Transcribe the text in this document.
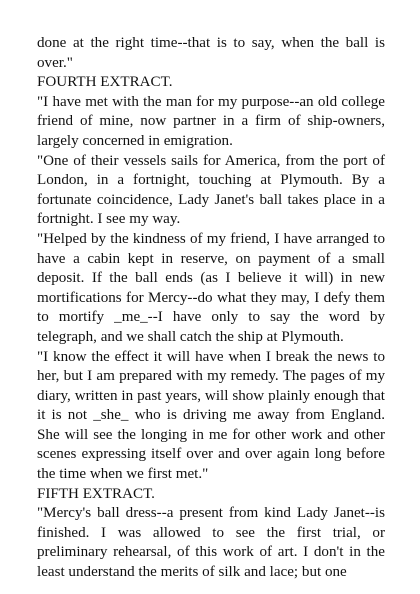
done at the right time--that is to say, when the ball is over."

FOURTH EXTRACT.

"I have met with the man for my purpose--an old college friend of mine, now partner in a firm of ship-owners, largely concerned in emigration.

"One of their vessels sails for America, from the port of London, in a fortnight, touching at Plymouth. By a fortunate coincidence, Lady Janet's ball takes place in a fortnight. I see my way.

"Helped by the kindness of my friend, I have arranged to have a cabin kept in reserve, on payment of a small deposit. If the ball ends (as I believe it will) in new mortifications for Mercy--do what they may, I defy them to mortify _me_--I have only to say the word by telegraph, and we shall catch the ship at Plymouth.

"I know the effect it will have when I break the news to her, but I am prepared with my remedy. The pages of my diary, written in past years, will show plainly enough that it is not _she_ who is driving me away from England. She will see the longing in me for other work and other scenes expressing itself over and over again long before the time when we first met."

FIFTH EXTRACT.

"Mercy's ball dress--a present from kind Lady Janet--is finished. I was allowed to see the first trial, or preliminary rehearsal, of this work of art. I don't in the least understand the merits of silk and lace; but one
